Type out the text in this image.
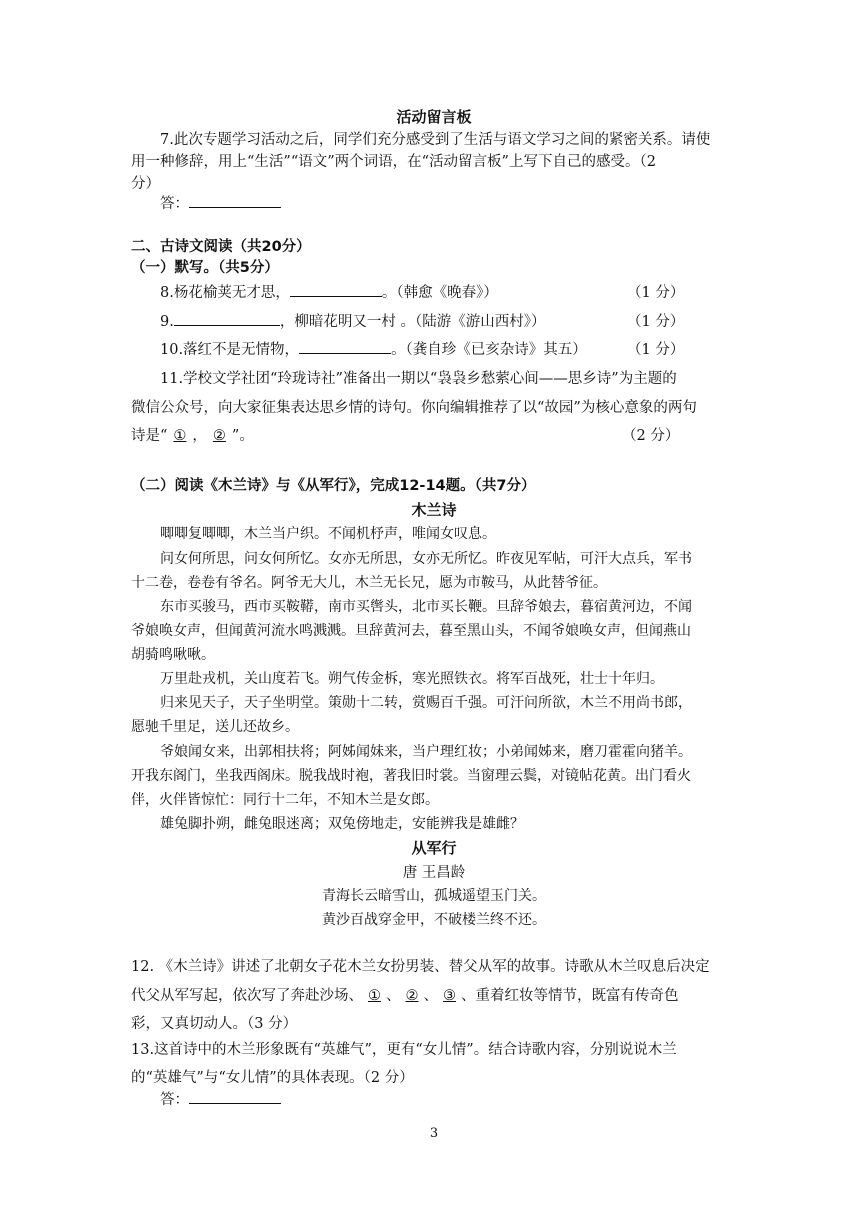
活动留言板
7.此次专题学习活动之后，同学们充分感受到了生活与语文学习之间的紧密关系。请使
用一种修辞，用上“生活”“语文”两个词语，在“活动留言板”上写下自己的感受。（2
分）
答：
二、古诗文阅读（共20分）
（一）默写。（共5分）
8.杨花榆荚无才思，	。（韩愈《晚春》）	（1 分）
9.	，柳暗花明又一村 。（陆游《游山西村》）	（1 分）
10.落红不是无情物，	。（龚自珍《已亥杂诗》其五）	（1 分）
11.学校文学社团“玲珑诗社”准备出一期以“袅袅乡愁萦心间——思乡诗”为主题的
微信公众号，向大家征集表达思乡情的诗句。你向编辑推荐了以“故园”为核心意象的两句
诗是“ ① ， ② ”。	（2 分）
（二）阅读《木兰诗》与《从军行》，完成12-14题。（共7分）
木兰诗
唧唧复唧唧，木兰当户织。不闻机杼声，唯闻女叹息。
问女何所思，问女何所忆。女亦无所思，女亦无所忆。昨夜见军帖，可汗大点兵，军书
十二卷，卷卷有爷名。阿爷无大儿，木兰无长兄，愿为市鞍马，从此替爷征。
东市买骏马，西市买鞍鞯，南市买辔头，北市买长鞭。旦辞爷娘去，暮宿黄河边，不闻
爷娘唤女声，但闻黄河流水鸣溅溅。旦辞黄河去，暮至黑山头，不闻爷娘唤女声，但闻燕山
胡骑鸣啾啾。
万里赴戎机，关山度若飞。朔气传金柝，寒光照铁衣。将军百战死，壮士十年归。
归来见天子，天子坐明堂。策勋十二转，赏赐百千强。可汗问所欲，木兰不用尚书郎，
愿驰千里足，送儿还故乡。
爷娘闻女来，出郭相扶将；阿姊闻妹来，当户理红妆；小弟闻姊来，磨刀霍霍向猪羊。
开我东阁门，坐我西阁床。脱我战时袍，著我旧时裳。当窗理云鬓，对镜帖花黄。出门看火
伴，火伴皆惊忙：同行十二年，不知木兰是女郎。
雄兔脚扑朔，雌兔眼迷离；双兔傍地走，安能辨我是雄雌？
从军行
唐 王昌龄
青海长云暗雪山，孤城遥望玉门关。
黄沙百战穿金甲，不破楼兰终不还。
12. 《木兰诗》讲述了北朝女子花木兰女扮男装、替父从军的故事。诗歌从木兰叹息后决定
代父从军写起，依次写了奔赴沙场、 ① 、 ② 、 ③ 、重着红妆等情节，既富有传奇色
彩，又真切动人。（3 分）
13.这首诗中的木兰形象既有“英雄气”，更有“女儿情”。结合诗歌内容，分别说说木兰
的“英雄气”与“女儿情”的具体表现。（2 分）
答：
3
